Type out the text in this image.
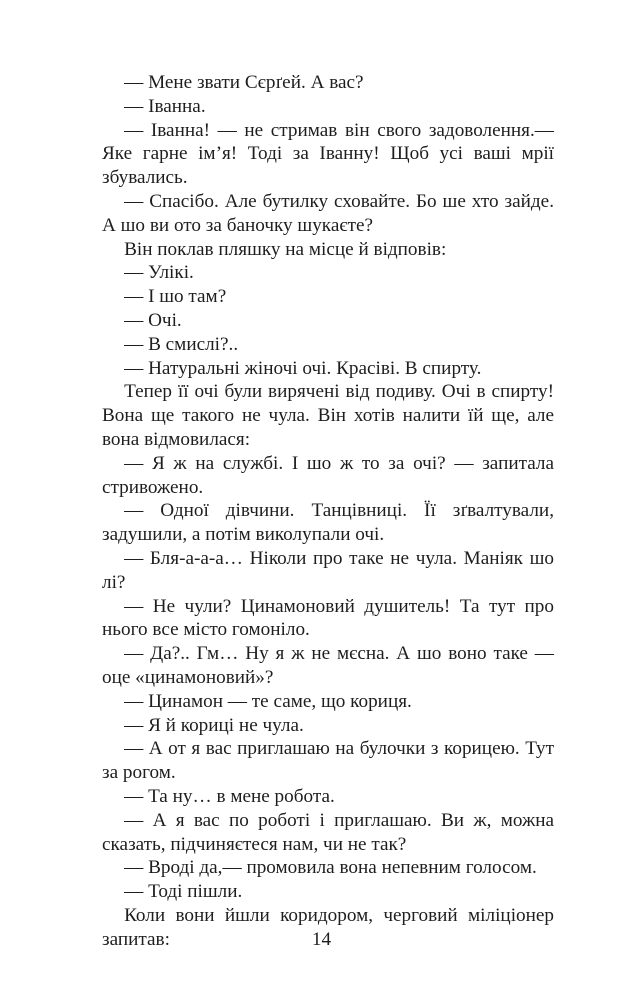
— Мене звати Сєрґей. А вас?

— Іванна.

— Іванна! — не стримав він свого задоволення.— Яке гарне ім’я! Тоді за Іванну! Щоб усі ваші мрії збувались.

— Спасібо. Але бутилку сховайте. Бо ше хто зайде. А шо ви ото за баночку шукаєте?

Він поклав пляшку на місце й відповів:

— Улікі.

— І шо там?

— Очі.

— В смислі?..

— Натуральні жіночі очі. Красіві. В спирту.

Тепер її очі були вирячені від подиву. Очі в спирту! Вона ще такого не чула. Він хотів налити їй ще, але вона відмовилася:

— Я ж на службі. І шо ж то за очі? — запитала стривожено.

— Одної дівчини. Танцівниці. Її зґвалтували, задушили, а потім виколупали очі.

— Бля-а-а-а… Ніколи про таке не чула. Маніяк шо лі?

— Не чули? Цинамоновий душитель! Та тут про нього все місто гомоніло.

— Да?.. Гм… Ну я ж не мєсна. А шо воно таке — оце «цинамоновий»?

— Цинамон — те саме, що кориця.

— Я й кориці не чула.

— А от я вас приглашаю на булочки з корицею. Тут за рогом.

— Та ну… в мене робота.

— А я вас по роботі і приглашаю. Ви ж, можна сказать, підчиняєтеся нам, чи не так?

— Вроді да,— промовила вона непевним голосом.

— Тоді пішли.

Коли вони йшли коридором, черговий міліціонер запитав:	14
